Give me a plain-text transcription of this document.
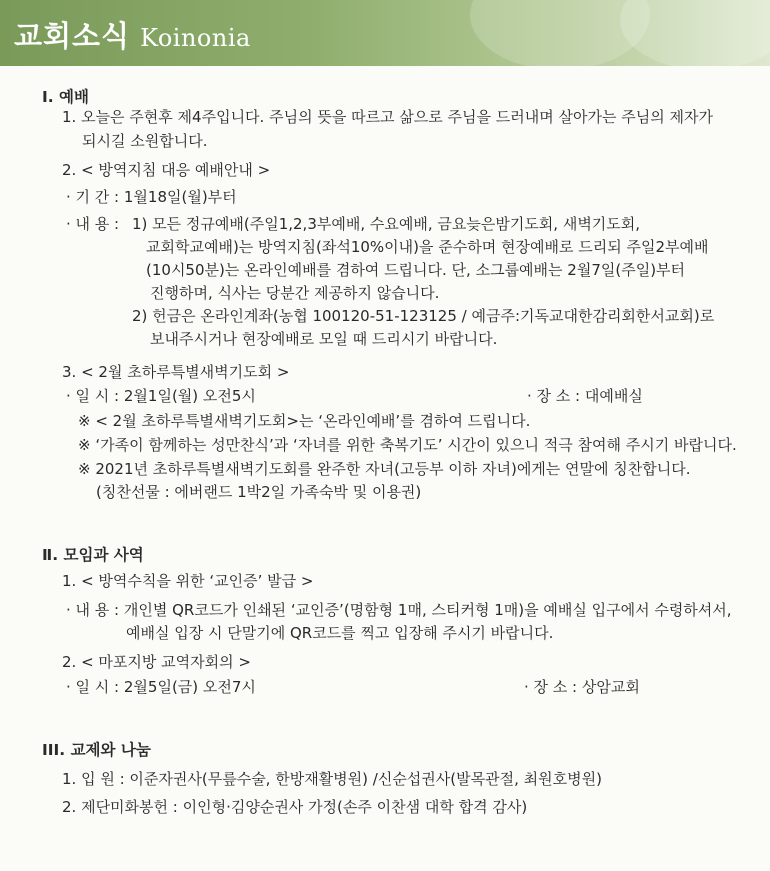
교회소식 Koinonia
Ⅰ. 예배
1. 오늘은 주현후 제4주입니다. 주님의 뜻을 따르고 삶으로 주님을 드러내며 살아가는 주님의 제자가
되시길 소원합니다.
2. < 방역지침 대응 예배안내 >
· 기 간 : 1월18일(월)부터
· 내 용 : 1) 모든 정규예배(주일1,2,3부예배, 수요예배, 금요늦은밤기도회, 새벽기도회,
교회학교예배)는 방역지침(좌석10%이내)을 준수하며 현장예배로 드리되 주일2부예배
(10시50분)는 온라인예배를 겸하여 드립니다. 단, 소그룹예배는 2월7일(주일)부터
진행하며, 식사는 당분간 제공하지 않습니다.
2) 헌금은 온라인계좌(농협 100120-51-123125 / 예금주:기독교대한감리회한서교회)로
보내주시거나 현장예배로 모일 때 드리시기 바랍니다.
3. < 2월 초하루특별새벽기도회 >
· 일 시 : 2월1일(월) 오전5시	· 장 소 : 대예배실
※ < 2월 초하루특별새벽기도회>는 ‘온라인예배’를 겸하여 드립니다.
※ ‘가족이 함께하는 성만찬식’과 ‘자녀를 위한 축복기도’ 시간이 있으니 적극 참여해 주시기 바랍니다.
※ 2021년 초하루특별새벽기도회를 완주한 자녀(고등부 이하 자녀)에게는 연말에 칭찬합니다.
(칭찬선물 : 에버랜드 1박2일 가족숙박 및 이용권)
Ⅱ. 모임과 사역
1. < 방역수칙을 위한 ‘교인증’ 발급 >
· 내 용 : 개인별 QR코드가 인쇄된 ‘교인증’(명함형 1매, 스티커형 1매)을 예배실 입구에서 수령하셔서,
예배실 입장 시 단말기에 QR코드를 찍고 입장해 주시기 바랍니다.
2. < 마포지방 교역자회의 >
· 일 시 : 2월5일(금) 오전7시	· 장 소 : 상암교회
III. 교제와 나눔
1. 입 원 : 이준자권사(무릎수술, 한방재활병원) /신순섭권사(발목관절, 최원호병원)
2. 제단미화봉헌 : 이인형·김양순권사 가정(손주 이찬샘 대학 합격 감사)
